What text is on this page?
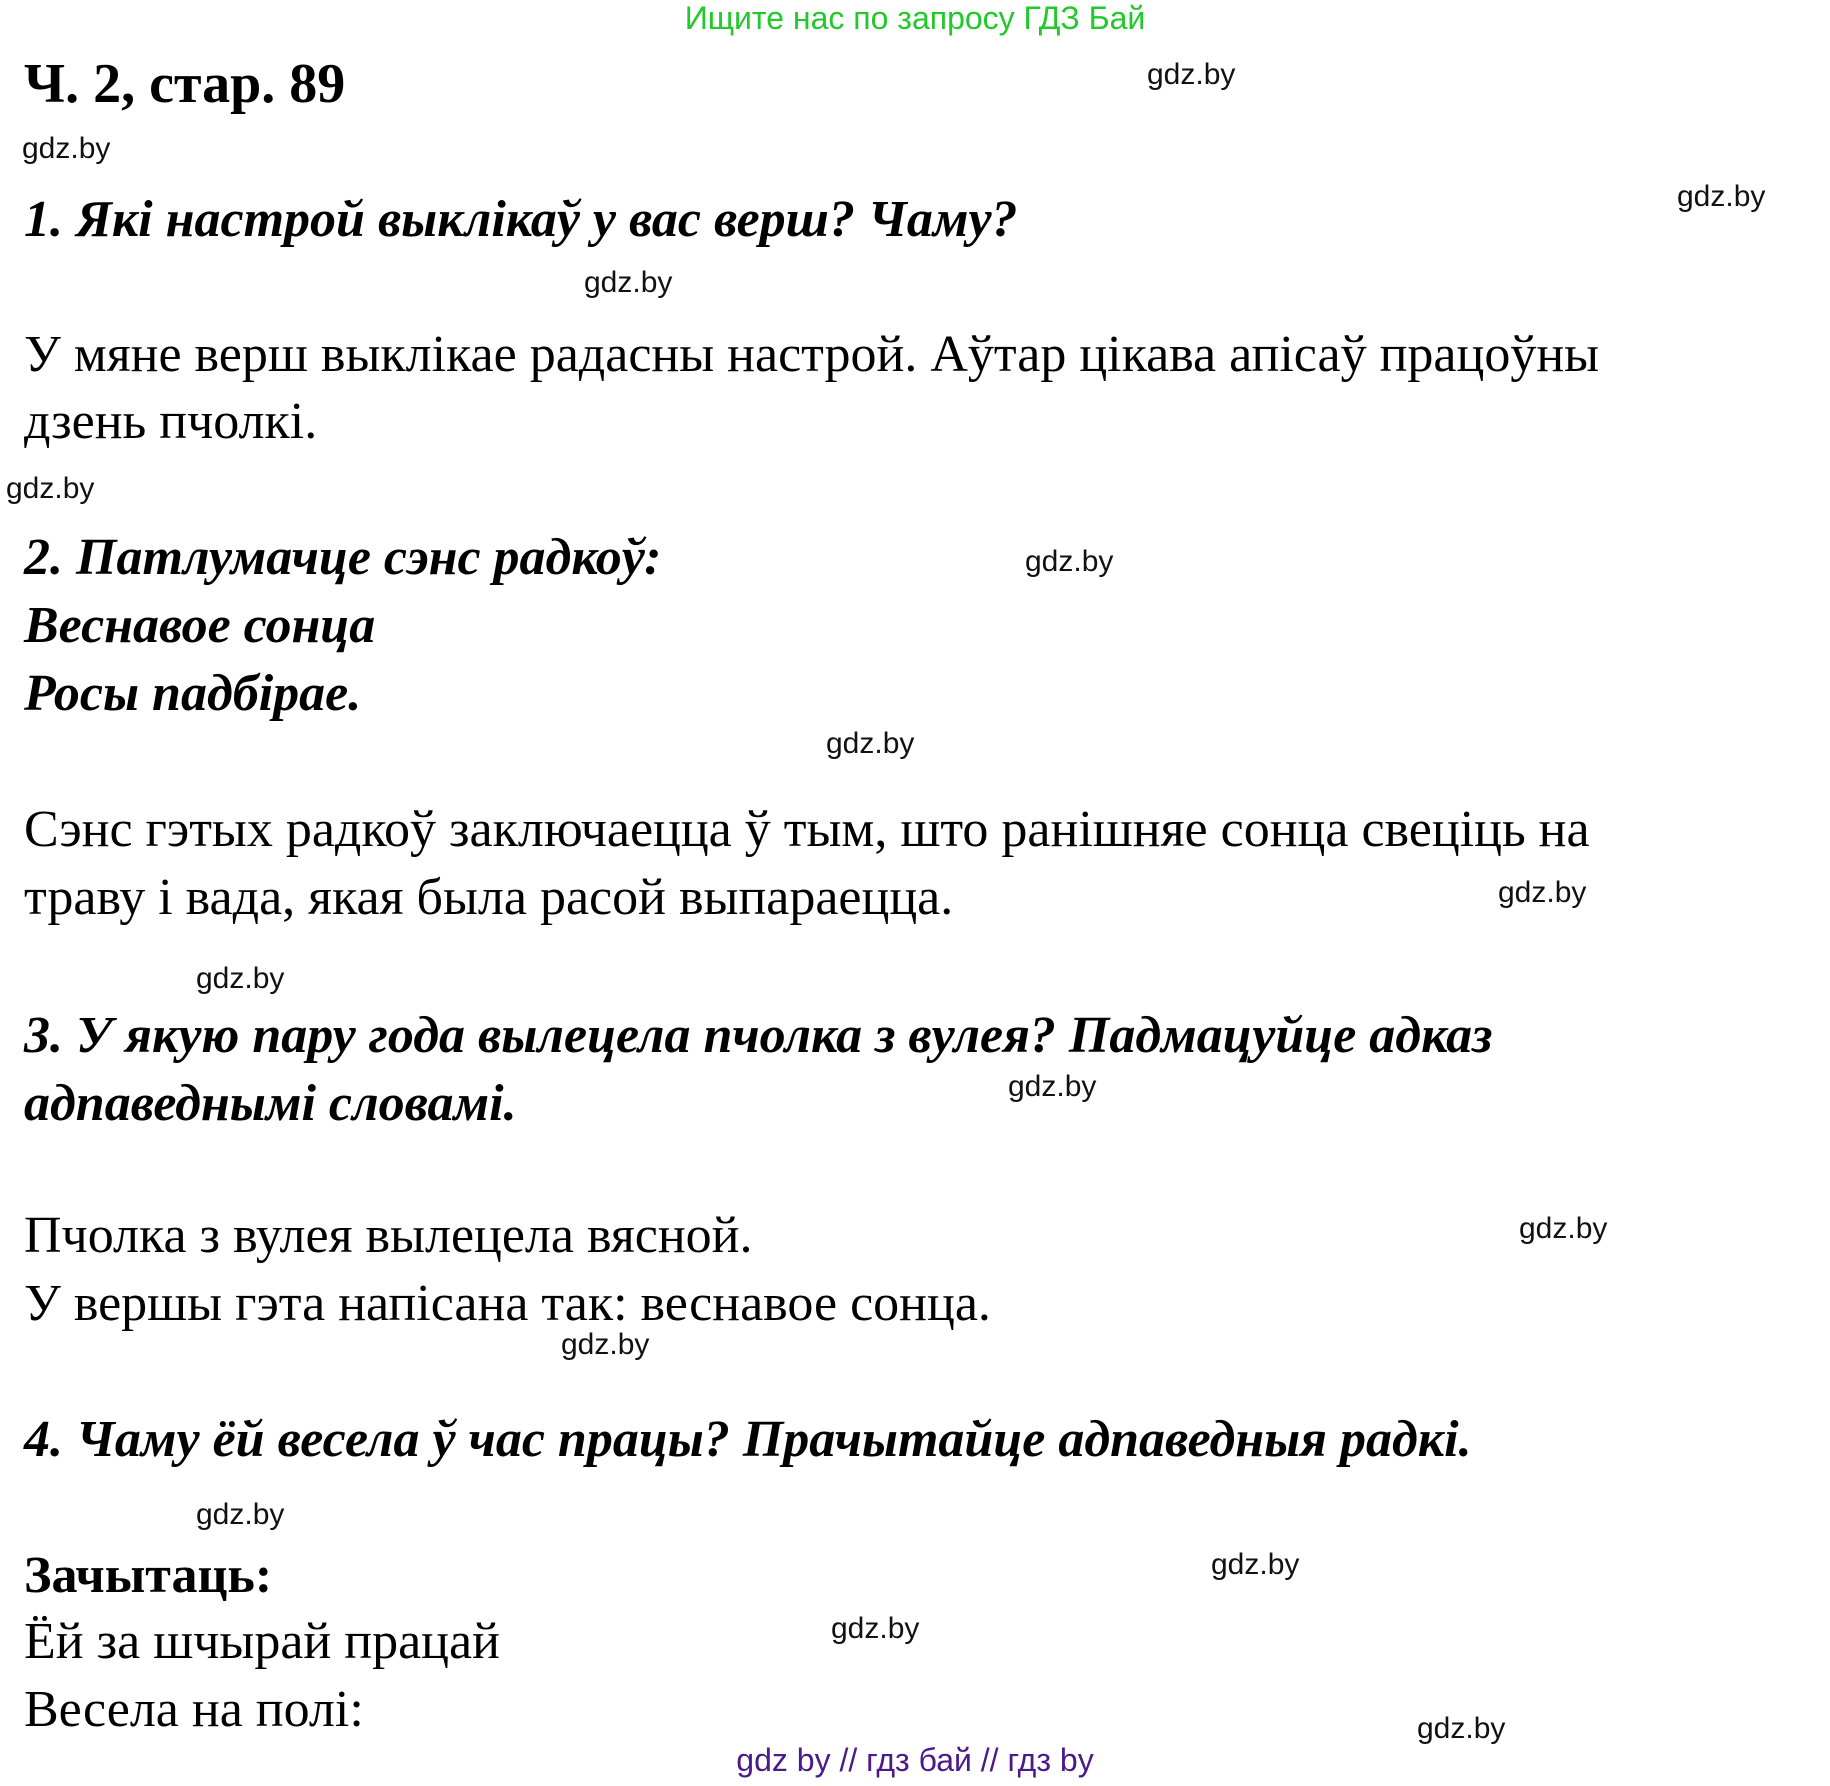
Ищите нас по запросу ГДЗ Бай
Ч. 2, стар. 89	gdz.by
gdz.by
gdz.by
gdz.by
gdz.by
gdz.by
gdz.by
gdz.by
gdz.by
gdz.by
gdz.by
gdz.by
gdz.by
gdz.by
gdz.by
gdz.by
1. Які настрой выклікаў у вас верш? Чаму?
У мяне верш выклікае радасны настрой. Аўтар цікава апісаў працоўны
дзень пчолкі.
2. Патлумачце сэнс радкоў:
Веснавое сонца
Росы падбірае.
Сэнс гэтых радкоў заключаецца ў тым, што ранішняе сонца свеціць на
траву і вада, якая была расой выпараецца.
3. У якую пару года вылецела пчолка з вулея? Падмацуйце адказ
адпаведнымі словамі.
Пчолка з вулея вылецела вясной.
У вершы гэта напісана так: веснавое сонца.
4. Чаму ёй весела ў час працы? Прачытайце адпаведныя радкі.
Зачытаць:
Ёй за шчырай працай
Весела на полі:
gdz by // гдз бай // гдз by
